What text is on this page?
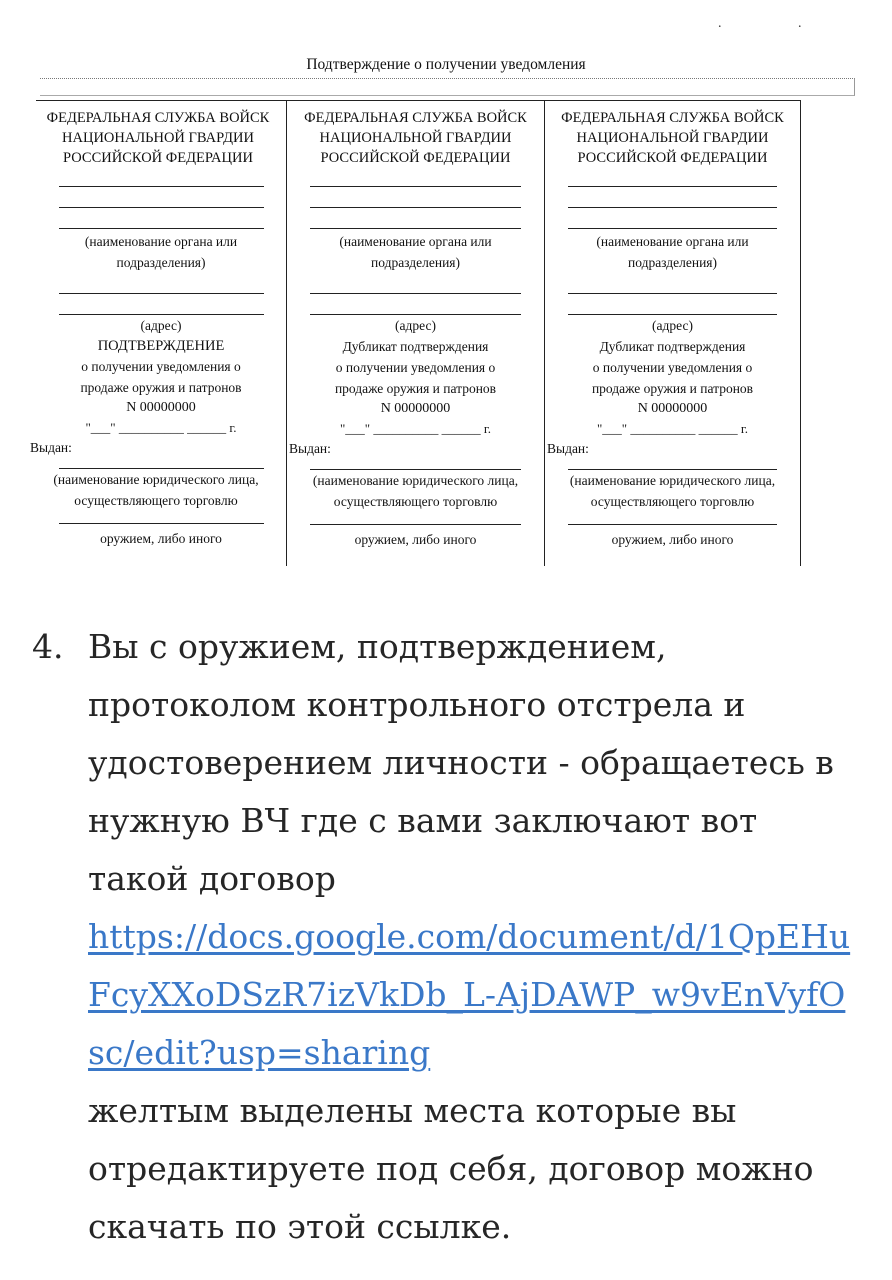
.	.
Подтверждение о получении уведомления
ФЕДЕРАЛЬНАЯ СЛУЖБА ВОЙСК
НАЦИОНАЛЬНОЙ ГВАРДИИ
РОССИЙСКОЙ ФЕДЕРАЦИИ
(наименование органа или
подразделения)
(адрес)
ПОДТВЕРЖДЕНИЕ
о получении уведомления о
продаже оружия и патронов
N 00000000
"___" __________ ______ г.
Выдан:
(наименование юридического лица,
осуществляющего торговлю
оружием, либо иного
ФЕДЕРАЛЬНАЯ СЛУЖБА ВОЙСК
НАЦИОНАЛЬНОЙ ГВАРДИИ
РОССИЙСКОЙ ФЕДЕРАЦИИ
(наименование органа или
подразделения)
(адрес)
Дубликат подтверждения
о получении уведомления о
продаже оружия и патронов
N 00000000
"___" __________ ______ г.
Выдан:
(наименование юридического лица,
осуществляющего торговлю
оружием, либо иного
ФЕДЕРАЛЬНАЯ СЛУЖБА ВОЙСК
НАЦИОНАЛЬНОЙ ГВАРДИИ
РОССИЙСКОЙ ФЕДЕРАЦИИ
(наименование органа или
подразделения)
(адрес)
Дубликат подтверждения
о получении уведомления о
продаже оружия и патронов
N 00000000
"___" __________ ______ г.
Выдан:
(наименование юридического лица,
осуществляющего торговлю
оружием, либо иного
4. Вы с оружием, подтверждением, протоколом контрольного отстрела и удостоверением личности - обращаетесь в нужную ВЧ где с вами заключают вот такой договор
https://docs.google.com/document/d/1QpEHuFcyXXoDSzR7izVkDb_L-AjDAWP_w9vEnVyfOsc/edit?usp=sharing
желтым выделены места которые вы отредактируете под себя, договор можно скачать по этой ссылке.
